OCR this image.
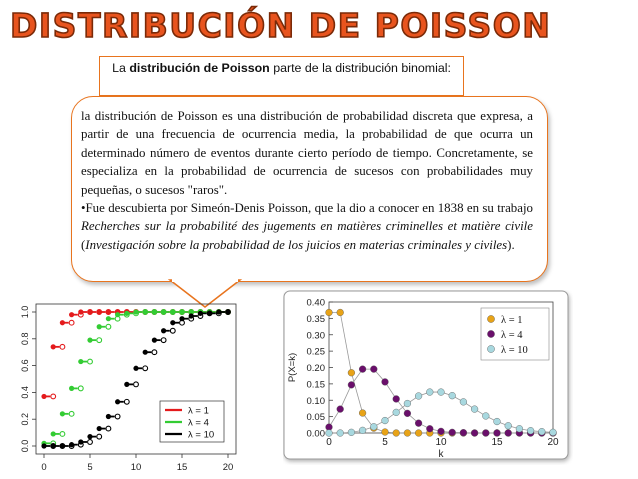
DISTRIBUCIÓN DE POISSON
La distribución de Poisson parte de la distribución binomial:

la distribución de Poisson es una distribución de probabilidad discreta que expresa, a partir de una frecuencia de ocurrencia media, la probabilidad de que ocurra un determinado número de eventos durante cierto período de tiempo. Concretamente, se especializa en la probabilidad de ocurrencia de sucesos con probabilidades muy pequeñas, o sucesos "raros".

•Fue descubierta por Simeón-Denis Poisson, que la dio a conocer en 1838 en su trabajo Recherches sur la probabilité des jugements en matières criminelles et matière civile (Investigación sobre la probabilidad de los juicios en materias criminales y civiles).

0	5	10	15	20
0.0
0.2
0.4
0.6
0.8
1.0
λ = 1
λ = 4
λ = 10
0	5	10	15	20
0.00
0.05
0.10
0.15
0.20
0.25
0.30
0.35
0.40
k
P(X=k)
λ = 1
λ = 4
λ = 10
